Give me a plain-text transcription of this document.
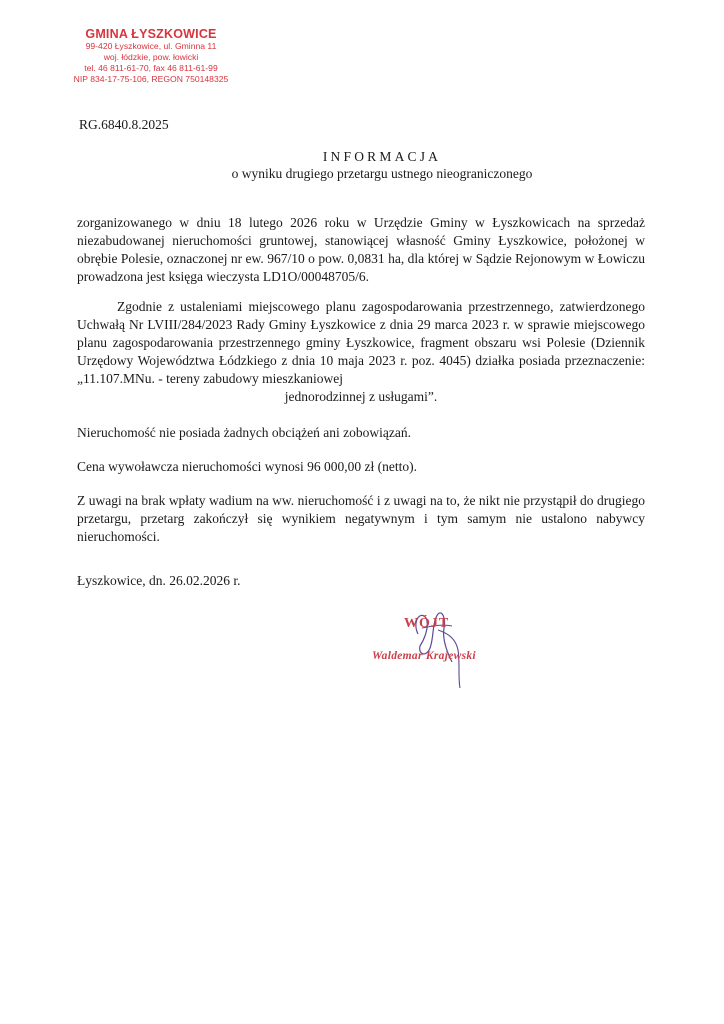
GMINA ŁYSZKOWICE
99-420 Łyszkowice, ul. Gminna 11
woj. łódzkie, pow. łowicki
tel. 46 811-61-70, fax 46 811-61-99
NIP 834-17-75-106, REGON 750148325
RG.6840.8.2025
INFORMACJA
o wyniku drugiego przetargu ustnego nieograniczonego

zorganizowanego w dniu 18 lutego 2026 roku w Urzędzie Gminy w Łyszkowicach na sprzedaż niezabudowanej nieruchomości gruntowej, stanowiącej własność Gminy Łyszkowice, położonej w obrębie Polesie, oznaczonej nr ew. 967/10 o pow. 0,0831 ha, dla której w Sądzie Rejonowym w Łowiczu prowadzona jest księga wieczysta LD1O/00048705/6.

Zgodnie z ustaleniami miejscowego planu zagospodarowania przestrzennego, zatwierdzonego Uchwałą Nr LVIII/284/2023 Rady Gminy Łyszkowice z dnia 29 marca 2023 r. w sprawie miejscowego planu zagospodarowania przestrzennego gminy Łyszkowice, fragment obszaru wsi Polesie (Dziennik Urzędowy Województwa Łódzkiego z dnia 10 maja 2023 r. poz. 4045) działka posiada przeznaczenie: „11.107.MNu. - tereny zabudowy mieszkaniowej
jednorodzinnej z usługami”.

Nieruchomość nie posiada żadnych obciążeń ani zobowiązań.

Cena wywoławcza nieruchomości wynosi 96 000,00 zł (netto).

Z uwagi na brak wpłaty wadium na ww. nieruchomość i z uwagi na to, że nikt nie przystąpił do drugiego przetargu, przetarg zakończył się wynikiem negatywnym i tym samym nie ustalono nabywcy nieruchomości.

Łyszkowice, dn. 26.02.2026 r.
WÓJT
Waldemar Krajewski
